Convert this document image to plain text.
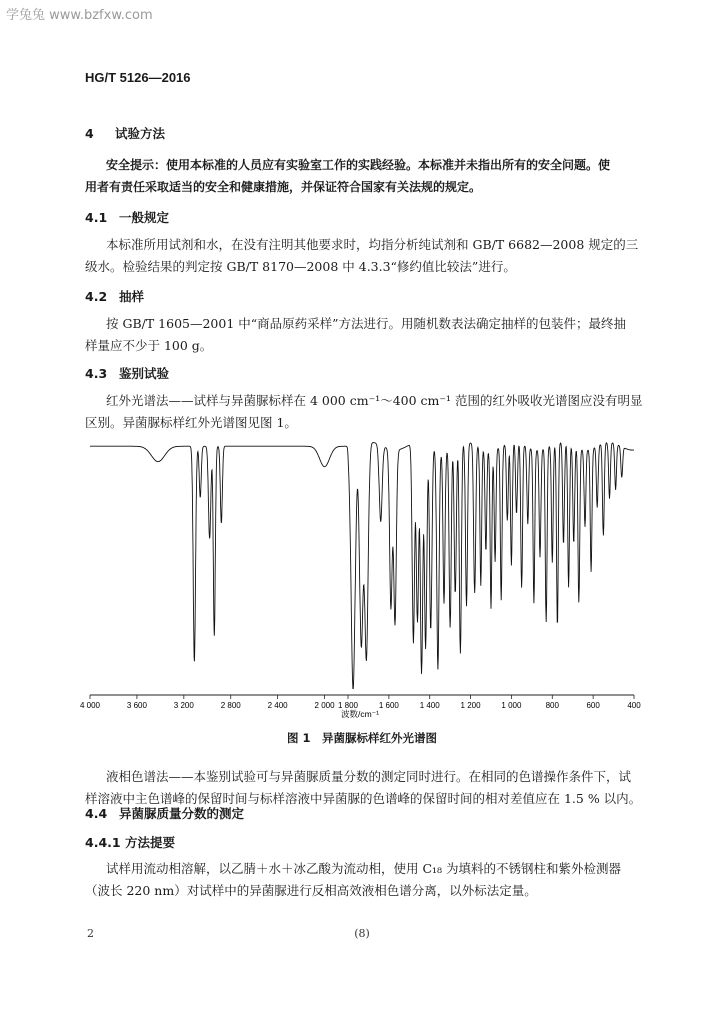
学兔兔 www.bzfxw.com
HG/T 5126—2016
4 试验方法
安全提示：使用本标准的人员应有实验室工作的实践经验。本标准并未指出所有的安全问题。使
用者有责任采取适当的安全和健康措施，并保证符合国家有关法规的规定。
4.1 一般规定
本标准所用试剂和水，在没有注明其他要求时，均指分析纯试剂和 GB/T 6682—2008 规定的三
级水。检验结果的判定按 GB/T 8170—2008 中 4.3.3“修约值比较法”进行。
4.2 抽样
按 GB/T 1605—2001 中“商品原药采样”方法进行。用随机数表法确定抽样的包装件；最终抽
样量应不少于 100 g。
4.3 鉴别试验
红外光谱法——试样与异菌脲标样在 4 000 cm⁻¹～400 cm⁻¹ 范围的红外吸收光谱图应没有明显
区别。异菌脲标样红外光谱图见图 1。
4 000	3 600	3 200	2 800	2 400	2 000 1 800	1 600	1 400	1 200	1 000	800	600	400
波数/cm⁻¹
图 1　异菌脲标样红外光谱图
液相色谱法——本鉴别试验可与异菌脲质量分数的测定同时进行。在相同的色谱操作条件下，试
样溶液中主色谱峰的保留时间与标样溶液中异菌脲的色谱峰的保留时间的相对差值应在 1.5 % 以内。
4.4 异菌脲质量分数的测定
4.4.1 方法提要
试样用流动相溶解，以乙腈＋水＋冰乙酸为流动相，使用 C₁₈ 为填料的不锈钢柱和紫外检测器
（波长 220 nm）对试样中的异菌脲进行反相高效液相色谱分离，以外标法定量。
2	(8)
